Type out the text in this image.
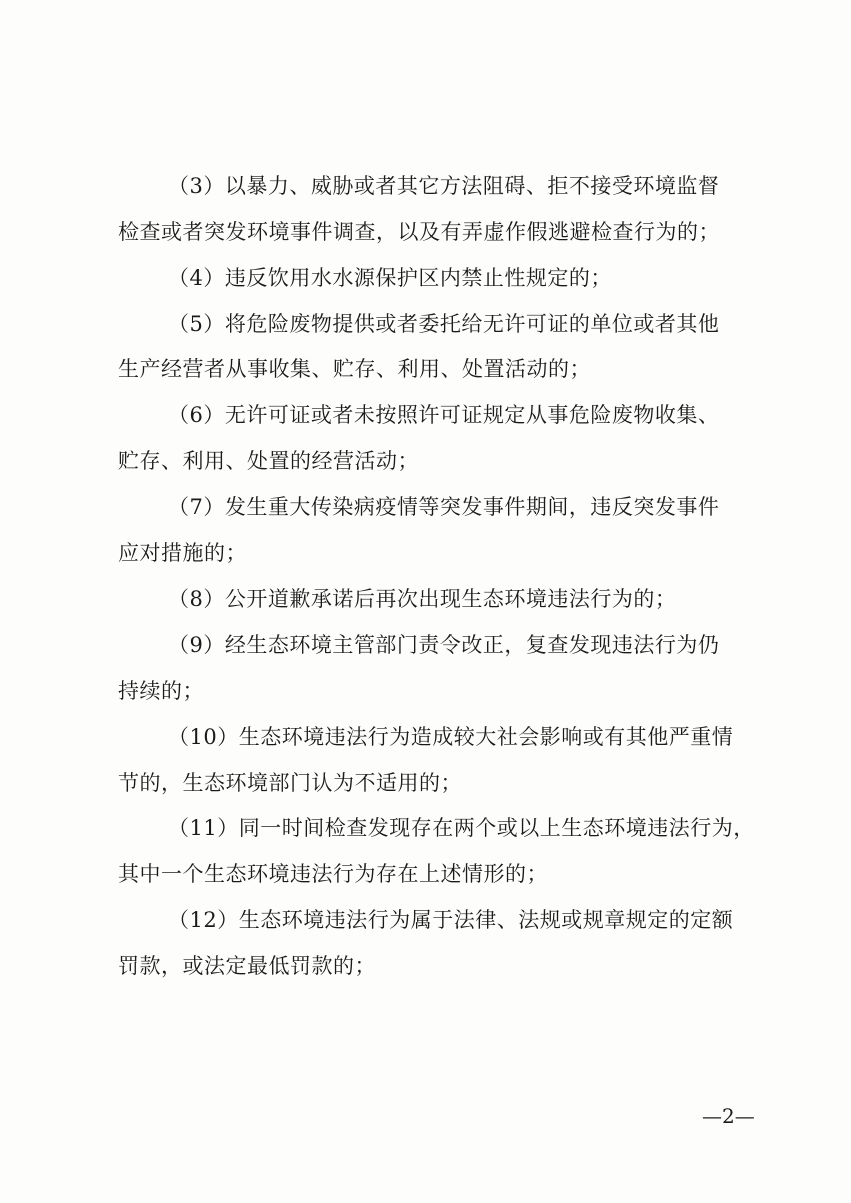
（3）以暴力、威胁或者其它方法阻碍、拒不接受环境监督
检查或者突发环境事件调查，以及有弄虚作假逃避检查行为的；
（4）违反饮用水水源保护区内禁止性规定的；
（5）将危险废物提供或者委托给无许可证的单位或者其他
生产经营者从事收集、贮存、利用、处置活动的；
（6）无许可证或者未按照许可证规定从事危险废物收集、
贮存、利用、处置的经营活动；
（7）发生重大传染病疫情等突发事件期间，违反突发事件
应对措施的；
（8）公开道歉承诺后再次出现生态环境违法行为的；
（9）经生态环境主管部门责令改正，复查发现违法行为仍
持续的；
（10）生态环境违法行为造成较大社会影响或有其他严重情
节的，生态环境部门认为不适用的；
（11）同一时间检查发现存在两个或以上生态环境违法行为，
其中一个生态环境违法行为存在上述情形的；
（12）生态环境违法行为属于法律、法规或规章规定的定额
罚款，或法定最低罚款的；
—2—
